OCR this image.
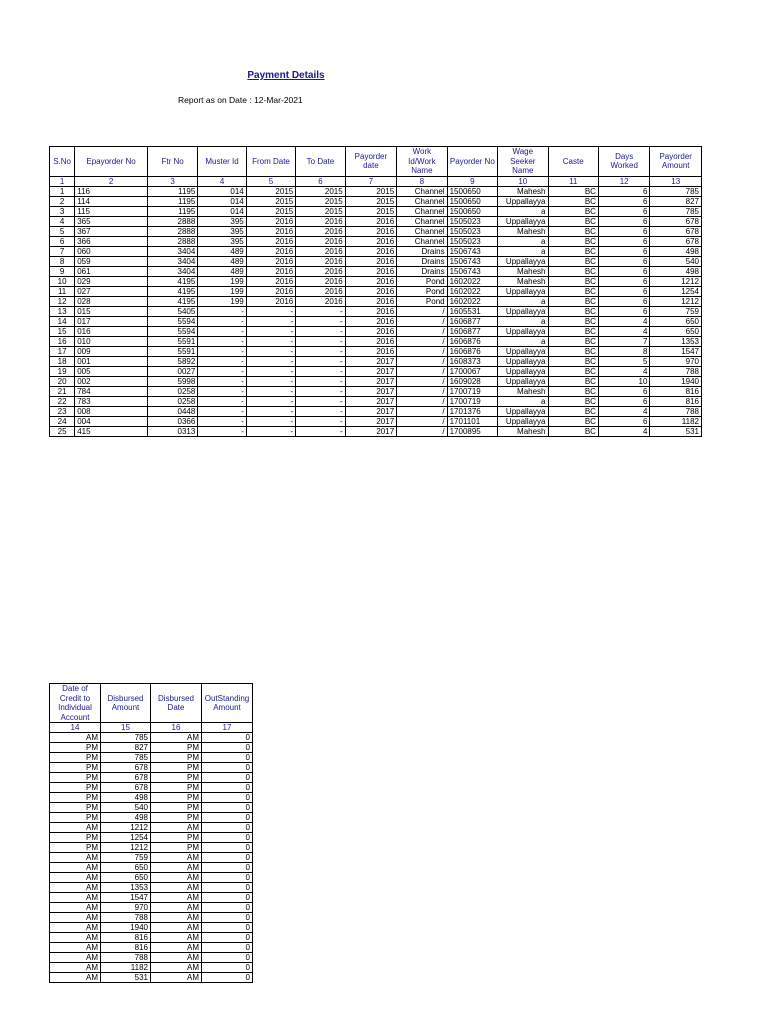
Payment Details
Report as on Date : 12-Mar-2021
S.No	Epayorder No	Ftr No	Muster Id	From Date	To Date	Payorder date	Work Id/Work Name	Payorder No	Wage Seeker Name	Caste	Days Worked	Payorder Amount
1	2	3	4	5	6	7	8	9	10	11	12	13
1	116	1195	014	2015	2015	2015	Channel	1500650	Mahesh	BC	6	785
2	114	1195	014	2015	2015	2015	Channel	1500650	Uppallayya	BC	6	827
3	115	1195	014	2015	2015	2015	Channel	1500650	a	BC	6	785
4	365	2888	395	2016	2016	2016	Channel	1505023	Uppallayya	BC	6	678
5	367	2888	395	2016	2016	2016	Channel	1505023	Mahesh	BC	6	678
6	366	2888	395	2016	2016	2016	Channel	1505023	a	BC	6	678
7	060	3404	489	2016	2016	2016	Drains	1506743	a	BC	6	498
8	059	3404	489	2016	2016	2016	Drains	1506743	Uppallayya	BC	6	540
9	061	3404	489	2016	2016	2016	Drains	1506743	Mahesh	BC	6	498
10	029	4195	199	2016	2016	2016	Pond	1602022	Mahesh	BC	6	1212
11	027	4195	199	2016	2016	2016	Pond	1602022	Uppallayya	BC	6	1254
12	028	4195	199	2016	2016	2016	Pond	1602022	a	BC	6	1212
13	015	5405	-	-	-	2016	/	1605531	Uppallayya	BC	6	759
14	017	5594	-	-	-	2016	/	1606877	a	BC	4	650
15	016	5594	-	-	-	2016	/	1606877	Uppallayya	BC	4	650
16	010	5591	-	-	-	2016	/	1606876	a	BC	7	1353
17	009	5591	-	-	-	2016	/	1606876	Uppallayya	BC	8	1547
18	001	5892	-	-	-	2017	/	1608373	Uppallayya	BC	5	970
19	005	0027	-	-	-	2017	/	1700067	Uppallayya	BC	4	788
20	002	5998	-	-	-	2017	/	1609028	Uppallayya	BC	10	1940
21	784	0258	-	-	-	2017	/	1700719	Mahesh	BC	6	816
22	783	0258	-	-	-	2017	/	1700719	a	BC	6	816
23	008	0448	-	-	-	2017	/	1701376	Uppallayya	BC	4	788
24	004	0366	-	-	-	2017	/	1701101	Uppallayya	BC	6	1182
25	415	0313	-	-	-	2017	/	1700895	Mahesh	BC	4	531
Date of Credit to Individual Account	Disbursed Amount	Disbursed Date	OutStanding Amount
14	15	16	17
AM	785	AM	0
PM	827	PM	0
PM	785	PM	0
PM	678	PM	0
PM	678	PM	0
PM	678	PM	0
PM	498	PM	0
PM	540	PM	0
PM	498	PM	0
AM	1212	AM	0
PM	1254	PM	0
PM	1212	PM	0
AM	759	AM	0
AM	650	AM	0
AM	650	AM	0
AM	1353	AM	0
AM	1547	AM	0
AM	970	AM	0
AM	788	AM	0
AM	1940	AM	0
AM	816	AM	0
AM	816	AM	0
AM	788	AM	0
AM	1182	AM	0
AM	531	AM	0
